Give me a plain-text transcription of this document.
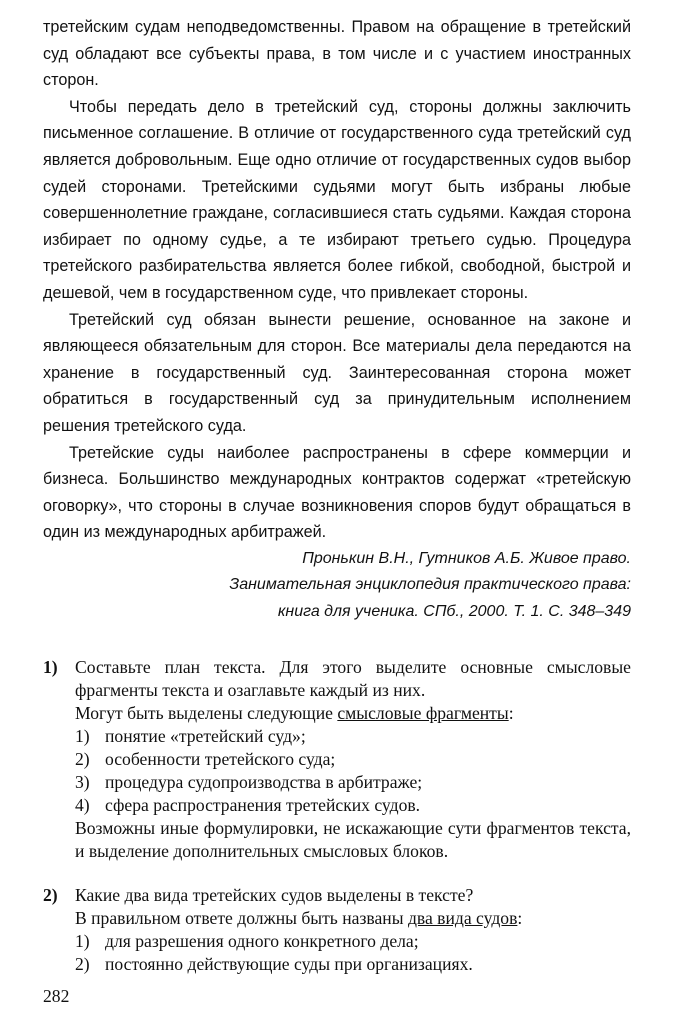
третейским судам неподведомственны. Правом на обращение в третейский суд обладают все субъекты права, в том числе и с участием иностранных сторон.

Чтобы передать дело в третейский суд, стороны должны заключить письменное соглашение. В отличие от государственного суда третейский суд является добровольным. Еще одно отличие от государственных судов выбор судей сторонами. Третейскими судьями могут быть избраны любые совершеннолетние граждане, согласившиеся стать судьями. Каждая сторона избирает по одному судье, а те избирают третьего судью. Процедура третейского разбирательства является более гибкой, свободной, быстрой и дешевой, чем в государственном суде, что привлекает стороны.

Третейский суд обязан вынести решение, основанное на законе и являющееся обязательным для сторон. Все материалы дела передаются на хранение в государственный суд. Заинтересованная сторона может обратиться в государственный суд за принудительным исполнением решения третейского суда.

Третейские суды наиболее распространены в сфере коммерции и бизнеса. Большинство международных контрактов содержат «третейскую оговорку», что стороны в случае возникновения споров будут обращаться в один из международных арбитражей.

Пронькин В.Н., Гутников А.Б. Живое право.
Занимательная энциклопедия практического права:
книга для ученика. СПб., 2000. Т. 1. С. 348–349
1) Составьте план текста. Для этого выделите основные смысловые фрагменты текста и озаглавьте каждый из них.

Могут быть выделены следующие смысловые фрагменты:

1) понятие «третейский суд»;
2) особенности третейского суда;
3) процедура судопроизводства в арбитраже;
4) сфера распространения третейских судов.

Возможны иные формулировки, не искажающие сути фрагментов текста, и выделение дополнительных смысловых блоков.

2) Какие два вида третейских судов выделены в тексте?

В правильном ответе должны быть названы два вида судов:

1) для разрешения одного конкретного дела;
2) постоянно действующие суды при организациях.
282
